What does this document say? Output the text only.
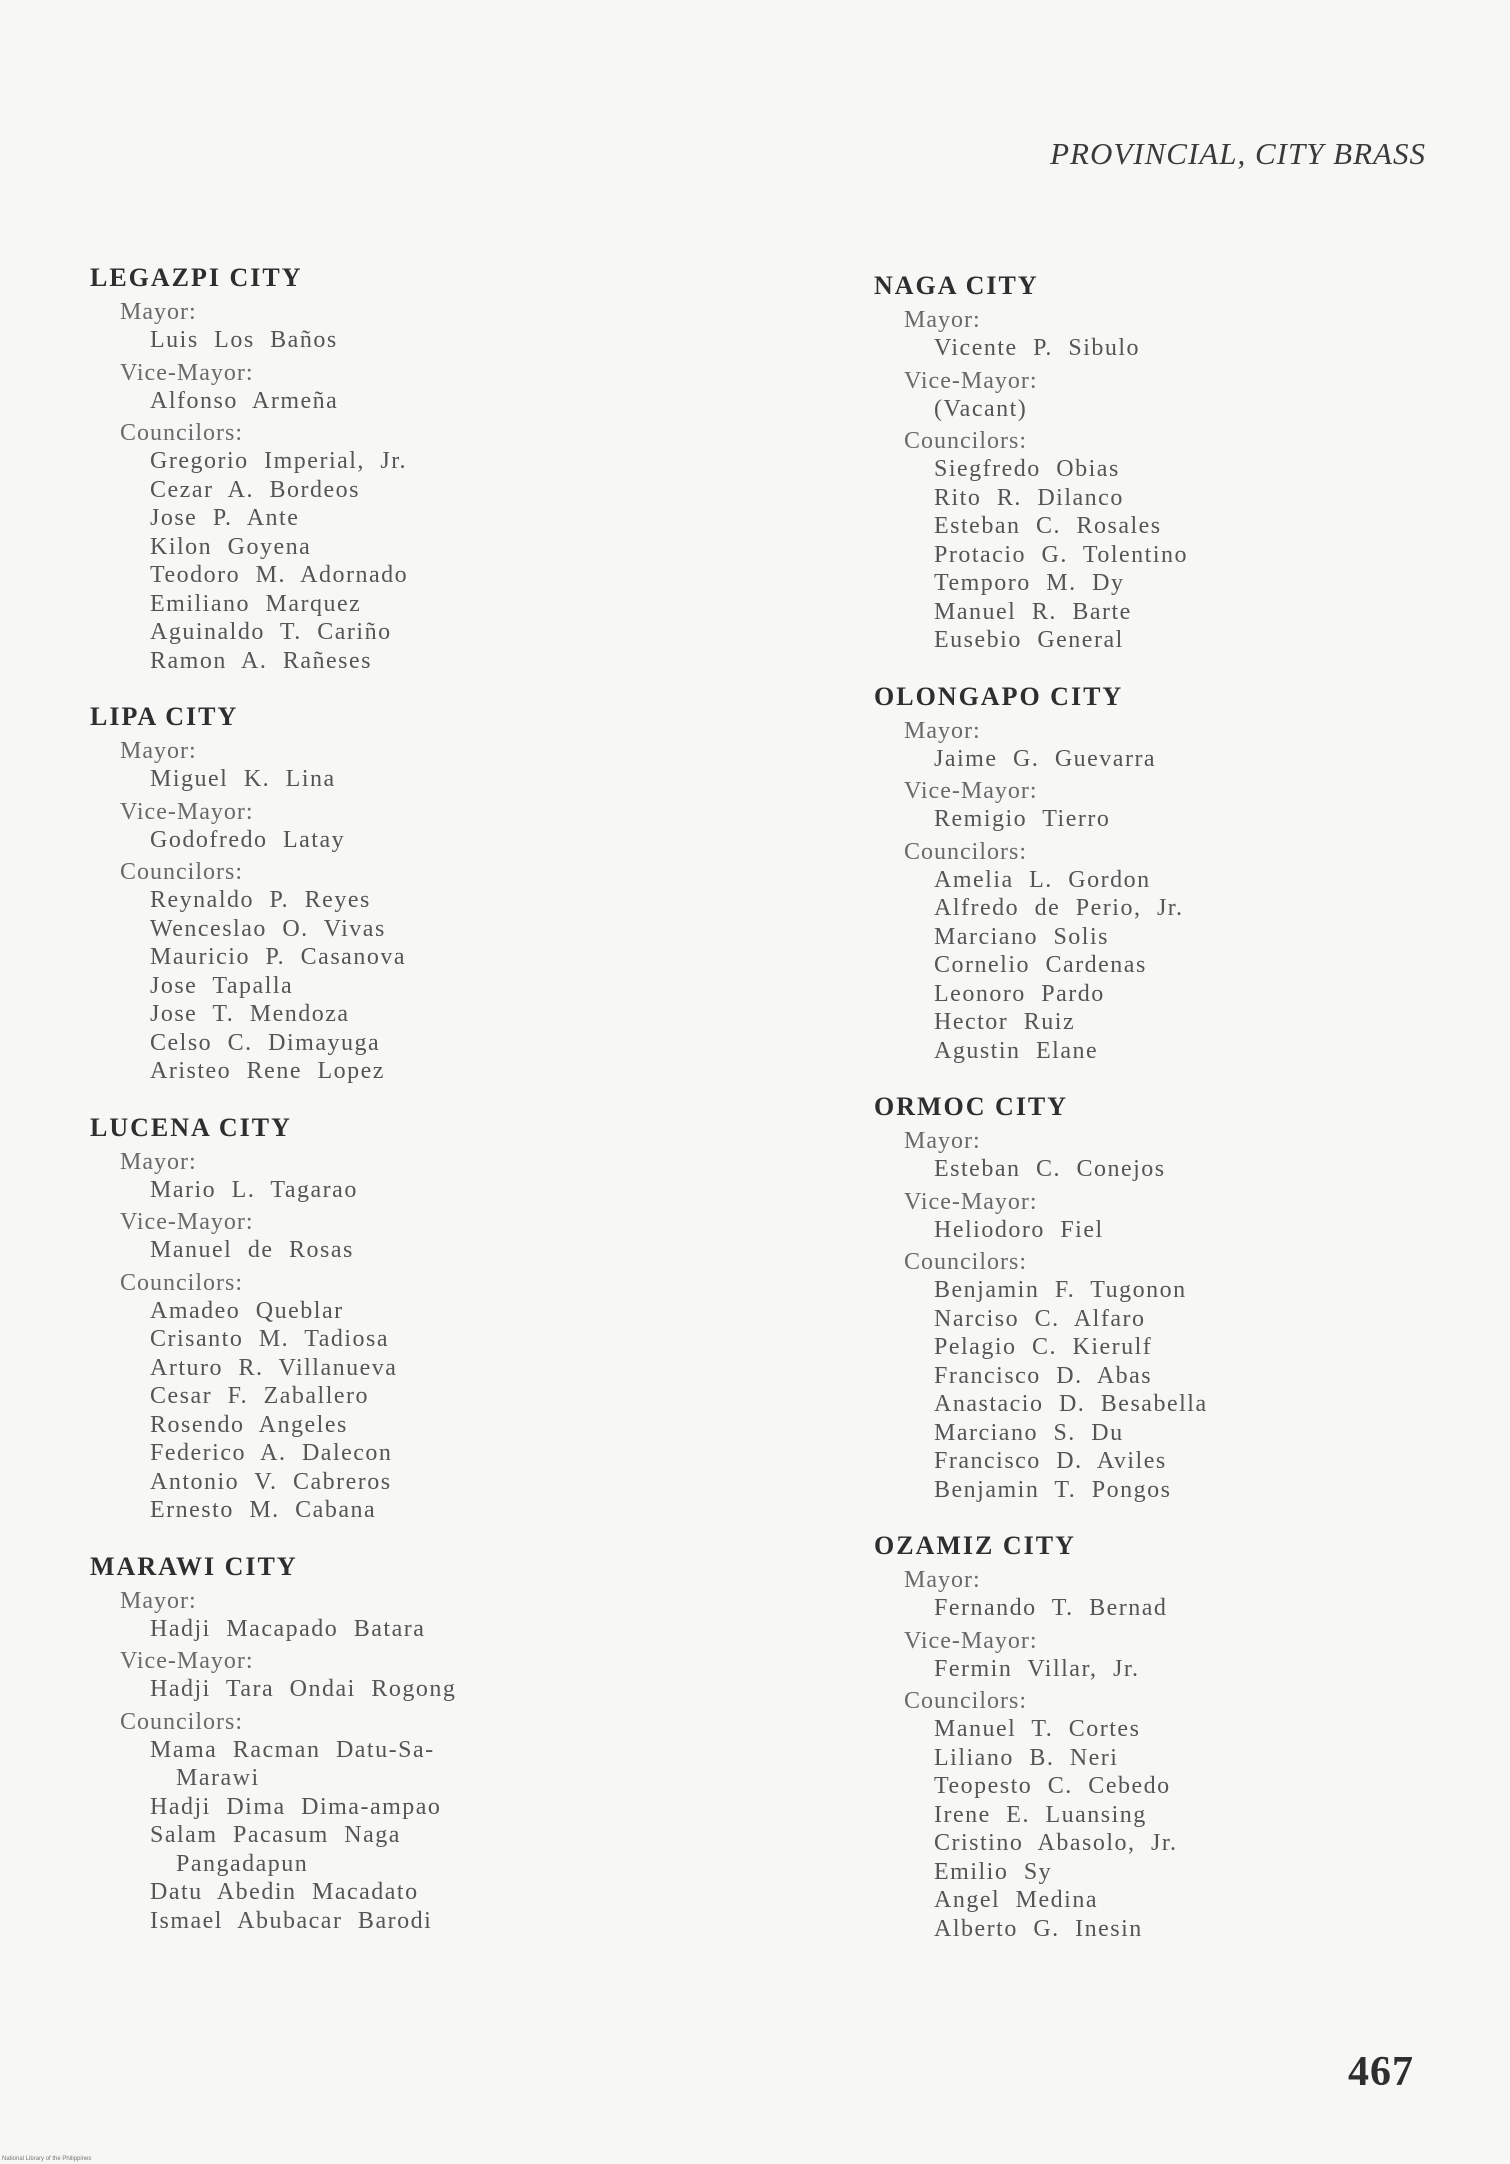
PROVINCIAL, CITY BRASS
LEGAZPI CITY
Mayor:
Luis Los Baños
Vice-Mayor:
Alfonso Armeña
Councilors:
Gregorio Imperial, Jr.
Cezar A. Bordeos
Jose P. Ante
Kilon Goyena
Teodoro M. Adornado
Emiliano Marquez
Aguinaldo T. Cariño
Ramon A. Rañeses
LIPA CITY
Mayor:
Miguel K. Lina
Vice-Mayor:
Godofredo Latay
Councilors:
Reynaldo P. Reyes
Wenceslao O. Vivas
Mauricio P. Casanova
Jose Tapalla
Jose T. Mendoza
Celso C. Dimayuga
Aristeo Rene Lopez
LUCENA CITY
Mayor:
Mario L. Tagarao
Vice-Mayor:
Manuel de Rosas
Councilors:
Amadeo Queblar
Crisanto M. Tadiosa
Arturo R. Villanueva
Cesar F. Zaballero
Rosendo Angeles
Federico A. Dalecon
Antonio V. Cabreros
Ernesto M. Cabana
MARAWI CITY
Mayor:
Hadji Macapado Batara
Vice-Mayor:
Hadji Tara Ondai Rogong
Councilors:
Mama Racman Datu-Sa-
Marawi
Hadji Dima Dima-ampao
Salam Pacasum Naga
Pangadapun
Datu Abedin Macadato
Ismael Abubacar Barodi
NAGA CITY
Mayor:
Vicente P. Sibulo
Vice-Mayor:
(Vacant)
Councilors:
Siegfredo Obias
Rito R. Dilanco
Esteban C. Rosales
Protacio G. Tolentino
Temporo M. Dy
Manuel R. Barte
Eusebio General
OLONGAPO CITY
Mayor:
Jaime G. Guevarra
Vice-Mayor:
Remigio Tierro
Councilors:
Amelia L. Gordon
Alfredo de Perio, Jr.
Marciano Solis
Cornelio Cardenas
Leonoro Pardo
Hector Ruiz
Agustin Elane
ORMOC CITY
Mayor:
Esteban C. Conejos
Vice-Mayor:
Heliodoro Fiel
Councilors:
Benjamin F. Tugonon
Narciso C. Alfaro
Pelagio C. Kierulf
Francisco D. Abas
Anastacio D. Besabella
Marciano S. Du
Francisco D. Aviles
Benjamin T. Pongos
OZAMIZ CITY
Mayor:
Fernando T. Bernad
Vice-Mayor:
Fermin Villar, Jr.
Councilors:
Manuel T. Cortes
Liliano B. Neri
Teopesto C. Cebedo
Irene E. Luansing
Cristino Abasolo, Jr.
Emilio Sy
Angel Medina
Alberto G. Inesin
467
National Library of the Philippines
